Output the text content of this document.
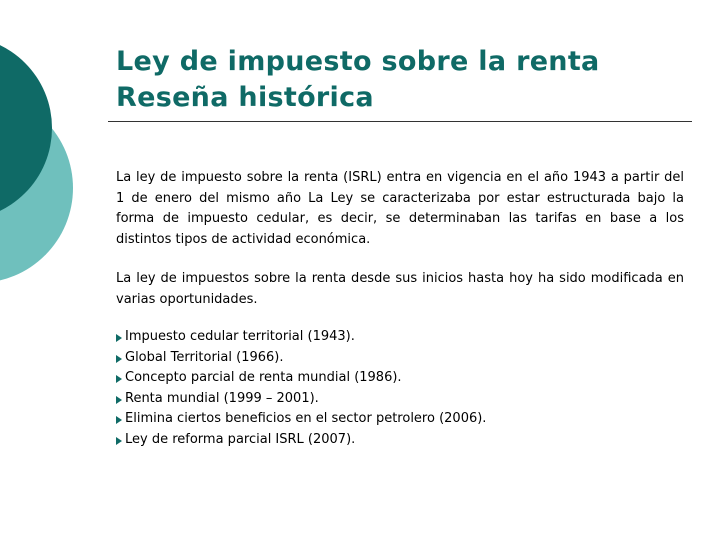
Ley de impuesto sobre la renta
Reseña histórica

La ley de impuesto sobre la renta (ISRL) entra en vigencia en el año 1943 a partir del 1 de enero del mismo año La Ley se caracterizaba por estar estructurada bajo la forma de impuesto cedular, es decir, se determinaban las tarifas en base a los distintos tipos de actividad económica.

La ley de impuestos sobre la renta desde sus inicios hasta hoy ha sido modificada en varias oportunidades.

Impuesto cedular territorial (1943).
Global Territorial (1966).
Concepto parcial de renta mundial (1986).
Renta mundial (1999 – 2001).
Elimina ciertos beneficios en el sector petrolero (2006).
Ley de reforma parcial ISRL (2007).
